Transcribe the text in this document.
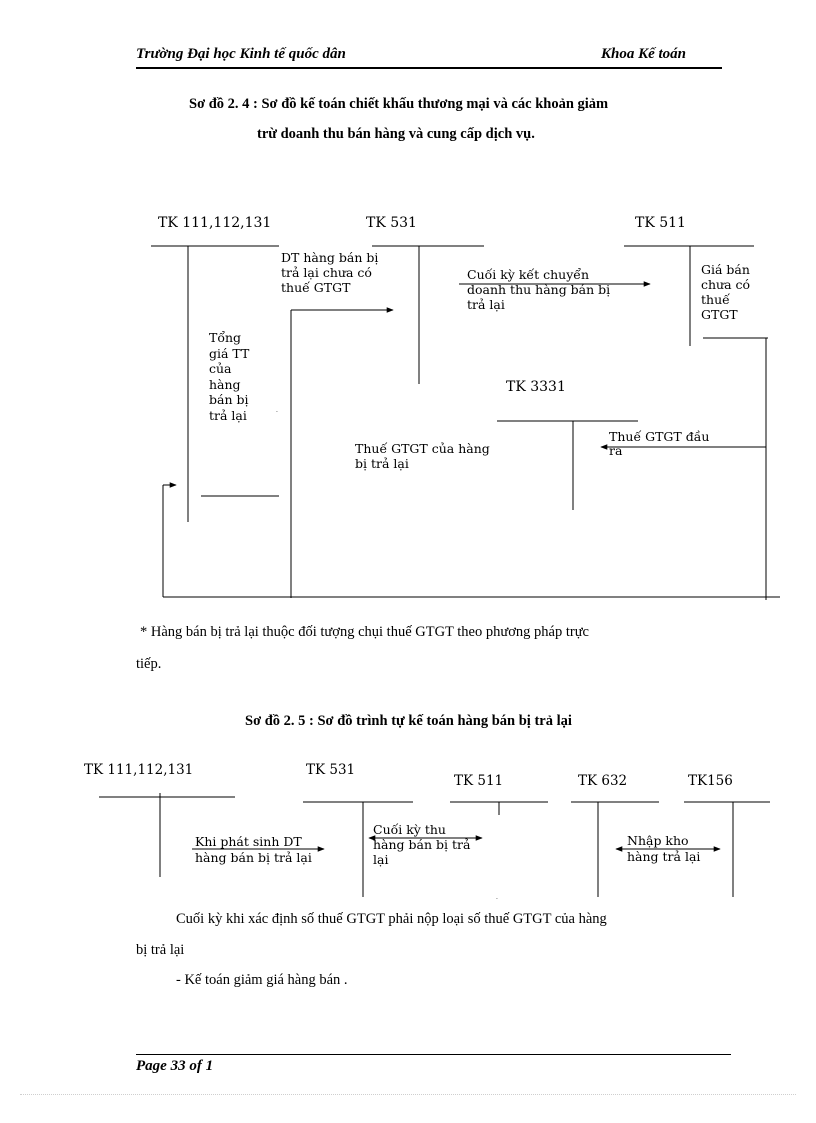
Trường Đại học Kinh tế quốc dân	Khoa Kế toán
Sơ đồ 2. 4 : Sơ đồ kế toán chiết khấu thương mại và các khoản giảm
trừ doanh thu bán hàng và cung cấp dịch vụ.
.
TK 111,112,131	TK 531	TK 511
TK 3331
DT hàng bán bị
trả lại chưa có
thuế GTGT
Cuối kỳ kết chuyển
doanh thu hàng bán bị
trả lại
Giá bán
chưa có
thuế
GTGT
Tổng
giá TT
của
hàng
bán bị
trả lại
Thuế GTGT của hàng
bị trả lại
Thuế GTGT đầu
ra
* Hàng bán bị trả lại thuộc đối tượng chụi thuế GTGT theo phương pháp trực
tiếp.
Sơ đồ 2. 5 : Sơ đồ trình tự kế toán hàng bán bị trả lại
.
TK 111,112,131	TK 531
TK 511	TK 632	TK156
Khi phát sinh DT
hàng bán bị trả lại
Cuối kỳ thu
hàng bán bị trả
lại
Nhập kho
hàng trả lại
Cuối kỳ khi xác định số thuế GTGT phải nộp loại số thuế GTGT của hàng
bị trả lại
- Kế toán giảm giá hàng bán .
Page 33 of 1
